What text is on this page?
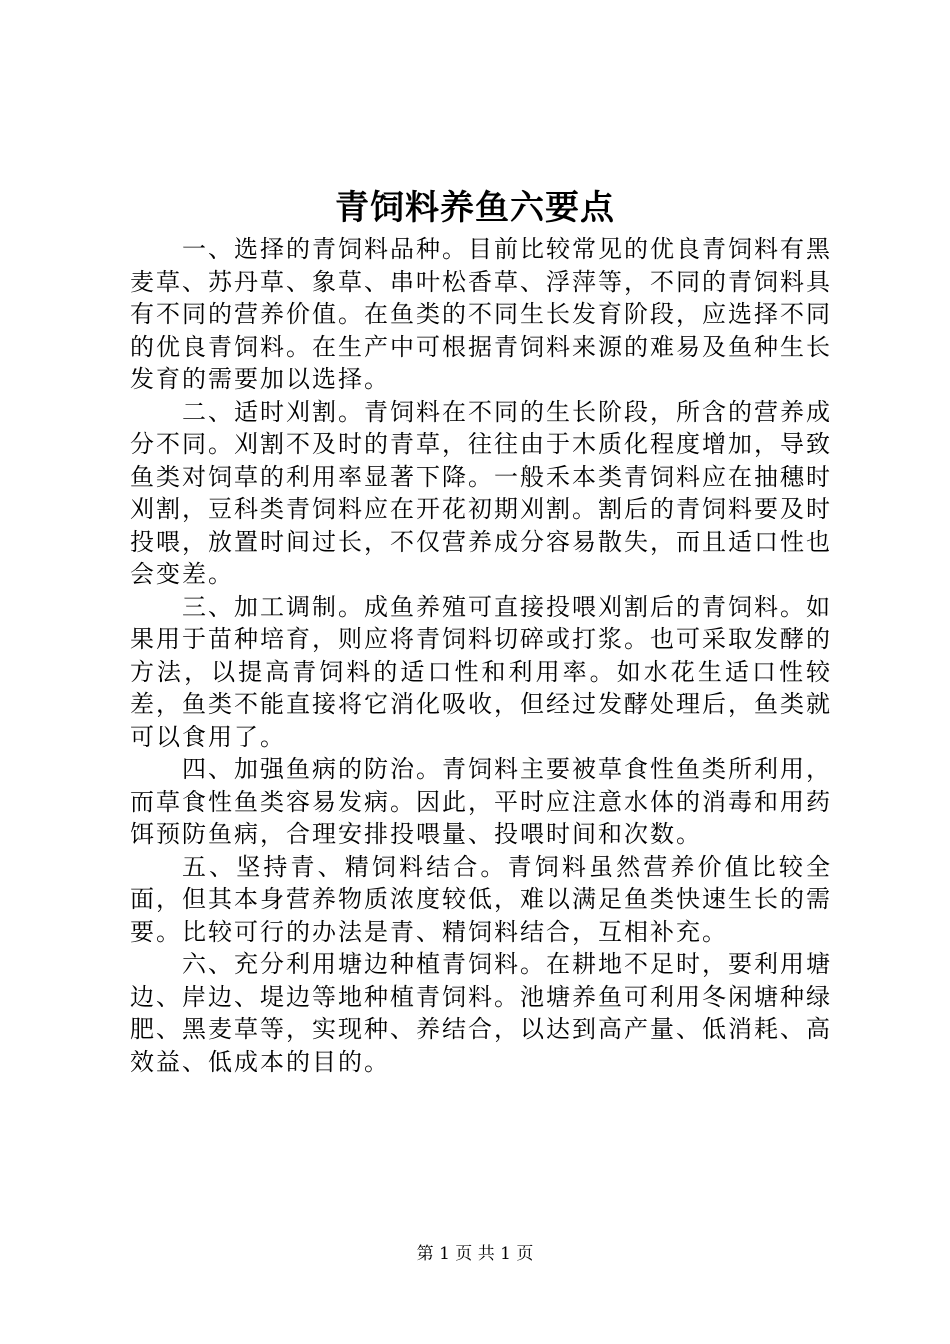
青饲料养鱼六要点

一、选择的青饲料品种。目前比较常见的优良青饲料有黑麦草、苏丹草、象草、串叶松香草、浮萍等，不同的青饲料具有不同的营养价值。在鱼类的不同生长发育阶段，应选择不同的优良青饲料。在生产中可根据青饲料来源的难易及鱼种生长发育的需要加以选择。

二、适时刈割。青饲料在不同的生长阶段，所含的营养成分不同。刈割不及时的青草，往往由于木质化程度增加，导致鱼类对饲草的利用率显著下降。一般禾本类青饲料应在抽穗时刈割，豆科类青饲料应在开花初期刈割。割后的青饲料要及时投喂，放置时间过长，不仅营养成分容易散失，而且适口性也会变差。

三、加工调制。成鱼养殖可直接投喂刈割后的青饲料。如果用于苗种培育，则应将青饲料切碎或打浆。也可采取发酵的方法，以提高青饲料的适口性和利用率。如水花生适口性较差，鱼类不能直接将它消化吸收，但经过发酵处理后，鱼类就可以食用了。

四、加强鱼病的防治。青饲料主要被草食性鱼类所利用，而草食性鱼类容易发病。因此，平时应注意水体的消毒和用药饵预防鱼病，合理安排投喂量、投喂时间和次数。

五、坚持青、精饲料结合。青饲料虽然营养价值比较全面，但其本身营养物质浓度较低，难以满足鱼类快速生长的需要。比较可行的办法是青、精饲料结合，互相补充。

六、充分利用塘边种植青饲料。在耕地不足时，要利用塘边、岸边、堤边等地种植青饲料。池塘养鱼可利用冬闲塘种绿肥、黑麦草等，实现种、养结合，以达到高产量、低消耗、高效益、低成本的目的。

第 1 页 共 1 页
